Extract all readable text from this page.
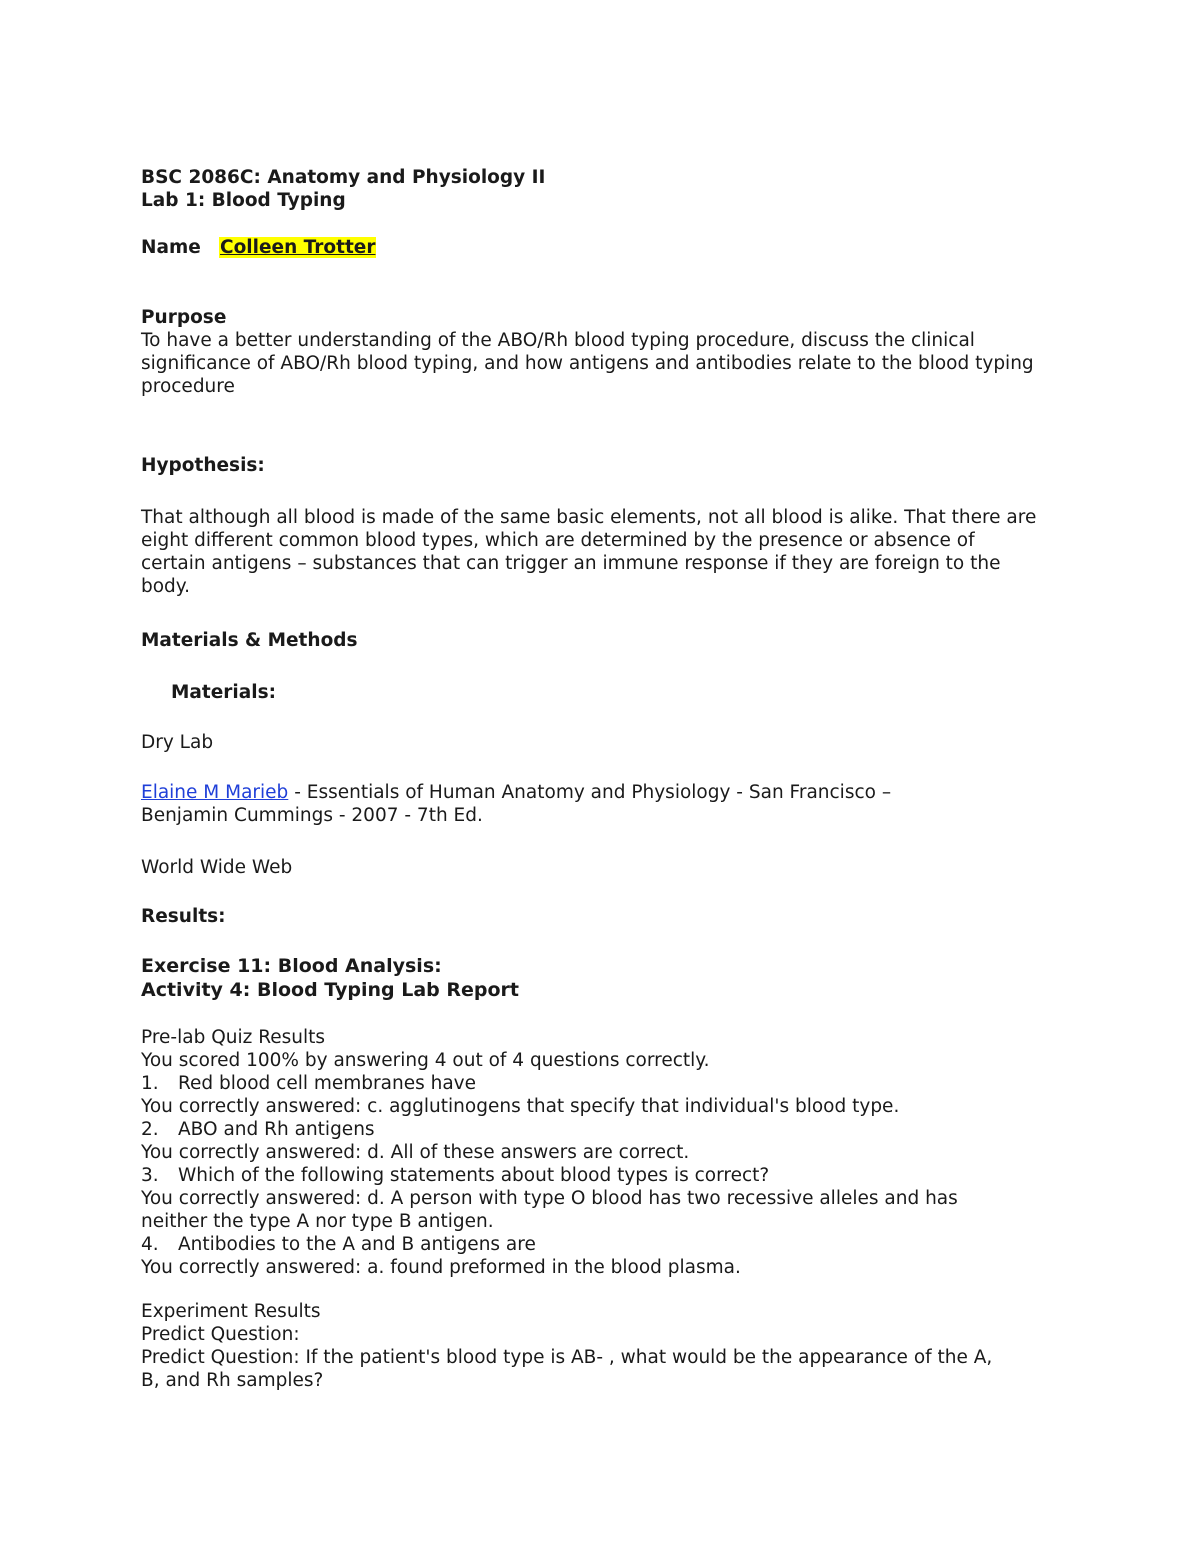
BSC 2086C: Anatomy and Physiology II
Lab 1: Blood Typing
Name Colleen Trotter
Purpose
To have a better understanding of the ABO/Rh blood typing procedure, discuss the clinical
significance of ABO/Rh blood typing, and how antigens and antibodies relate to the blood typing
procedure
Hypothesis:
That although all blood is made of the same basic elements, not all blood is alike. That there are
eight different common blood types, which are determined by the presence or absence of
certain antigens – substances that can trigger an immune response if they are foreign to the
body.
Materials & Methods
Materials:
Dry Lab
Elaine M Marieb - Essentials of Human Anatomy and Physiology - San Francisco –
Benjamin Cummings - 2007 - 7th Ed.
World Wide Web
Results:
Exercise 11: Blood Analysis:
Activity 4: Blood Typing Lab Report
Pre-lab Quiz Results
You scored 100% by answering 4 out of 4 questions correctly.
1. Red blood cell membranes have
You correctly answered: c. agglutinogens that specify that individual's blood type.
2. ABO and Rh antigens
You correctly answered: d. All of these answers are correct.
3. Which of the following statements about blood types is correct?
You correctly answered: d. A person with type O blood has two recessive alleles and has
neither the type A nor type B antigen.
4. Antibodies to the A and B antigens are
You correctly answered: a. found preformed in the blood plasma.
Experiment Results
Predict Question:
Predict Question: If the patient's blood type is AB- , what would be the appearance of the A,
B, and Rh samples?
